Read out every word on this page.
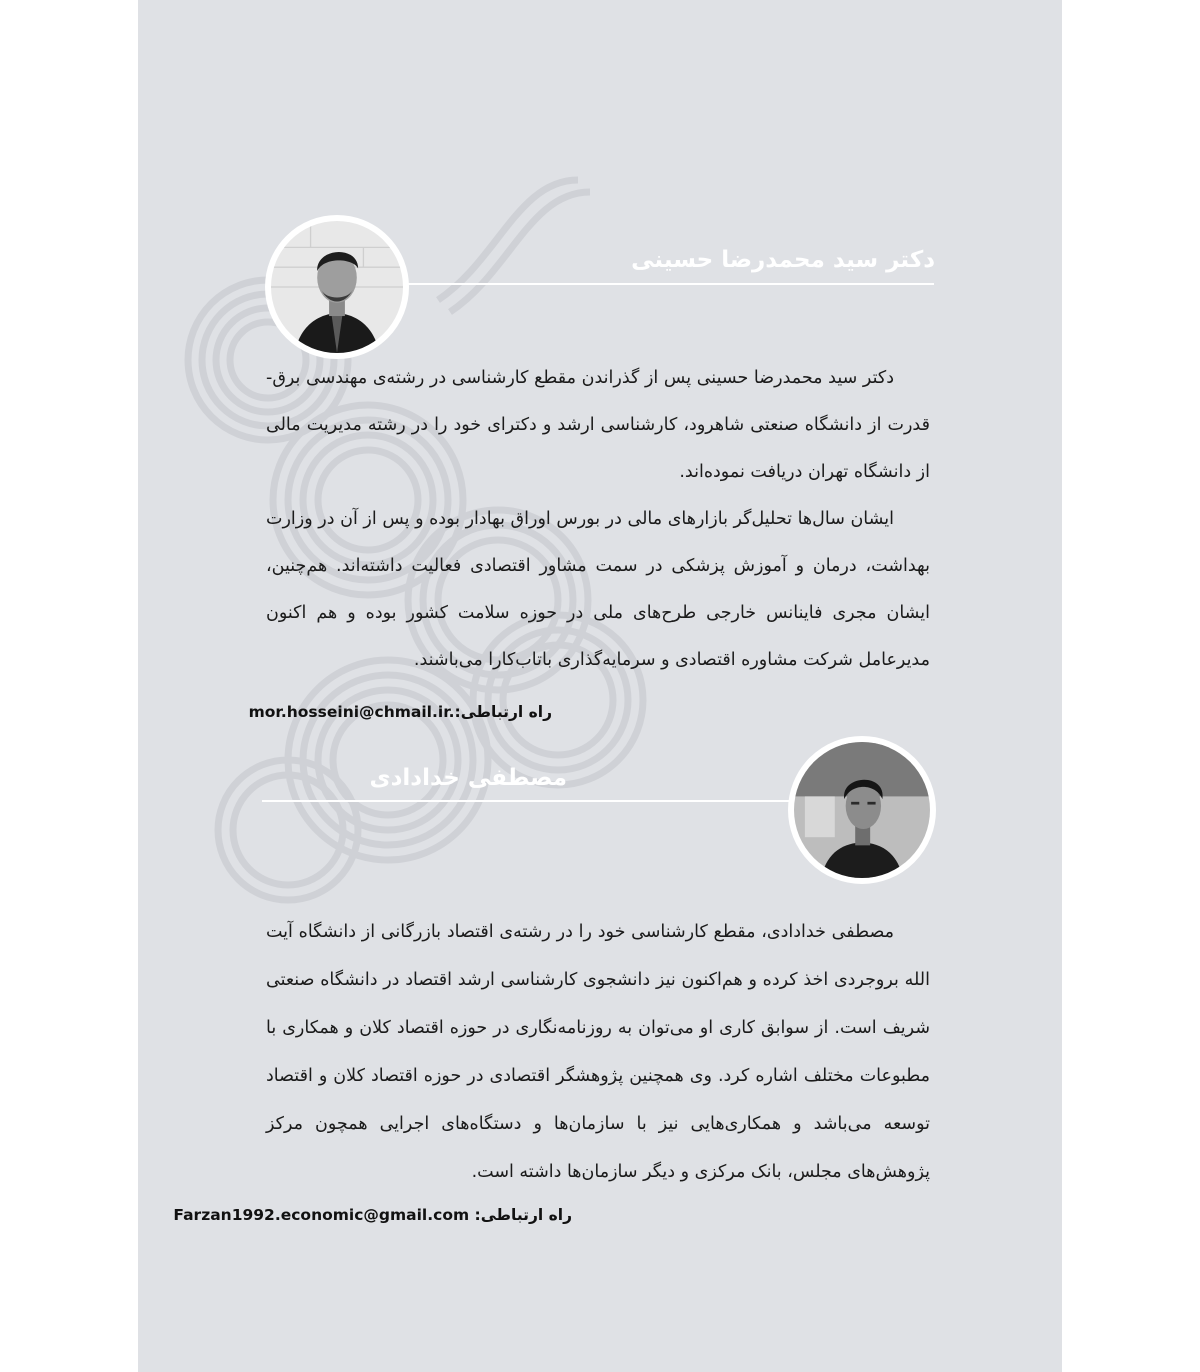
دکتر سید محمدرضا حسینی

دکتر سید محمدرضا حسینی پس از گذراندن مقطع کارشناسی در رشته‌ی مهندسی برق- قدرت از دانشگاه صنعتی شاهرود، کارشناسی ارشد و دکترای خود را در رشته مدیریت مالی از دانشگاه تهران دریافت نموده‌اند.

ایشان سال‌ها تحلیل‌گر بازارهای مالی در بورس اوراق بهادار بوده و پس از آن در وزارت بهداشت، درمان و آموزش پزشکی در سمت مشاور اقتصادی فعالیت داشته‌اند. هم‌چنین، ایشان مجری فاینانس خارجی طرح‌های ملی در حوزه سلامت کشور بوده و هم اکنون مدیرعامل شرکت مشاوره اقتصادی و سرمایه‌گذاری باتاب‌کارا می‌باشند.

راه ارتباطی:mor.hosseini@chmail.ir.
مصطفی خدادادی

مصطفی خدادادی، مقطع کارشناسی خود را در رشته‌ی اقتصاد بازرگانی از دانشگاه آیت الله بروجردی اخذ کرده و هم‌اکنون نیز دانشجوی کارشناسی ارشد اقتصاد در دانشگاه صنعتی شریف است. از سوابق کاری او می‌توان به روزنامه‌نگاری در حوزه اقتصاد کلان و همکاری با مطبوعات مختلف اشاره کرد. وی همچنین پژوهشگر اقتصادی در حوزه اقتصاد کلان و اقتصاد توسعه می‌باشد و همکاری‌هایی نیز با سازمان‌ها و دستگاه‌های اجرایی همچون مرکز پژوهش‌های مجلس، بانک مرکزی و دیگر سازمان‌ها داشته است.

راه ارتباطی: Farzan1992.economic@gmail.com
